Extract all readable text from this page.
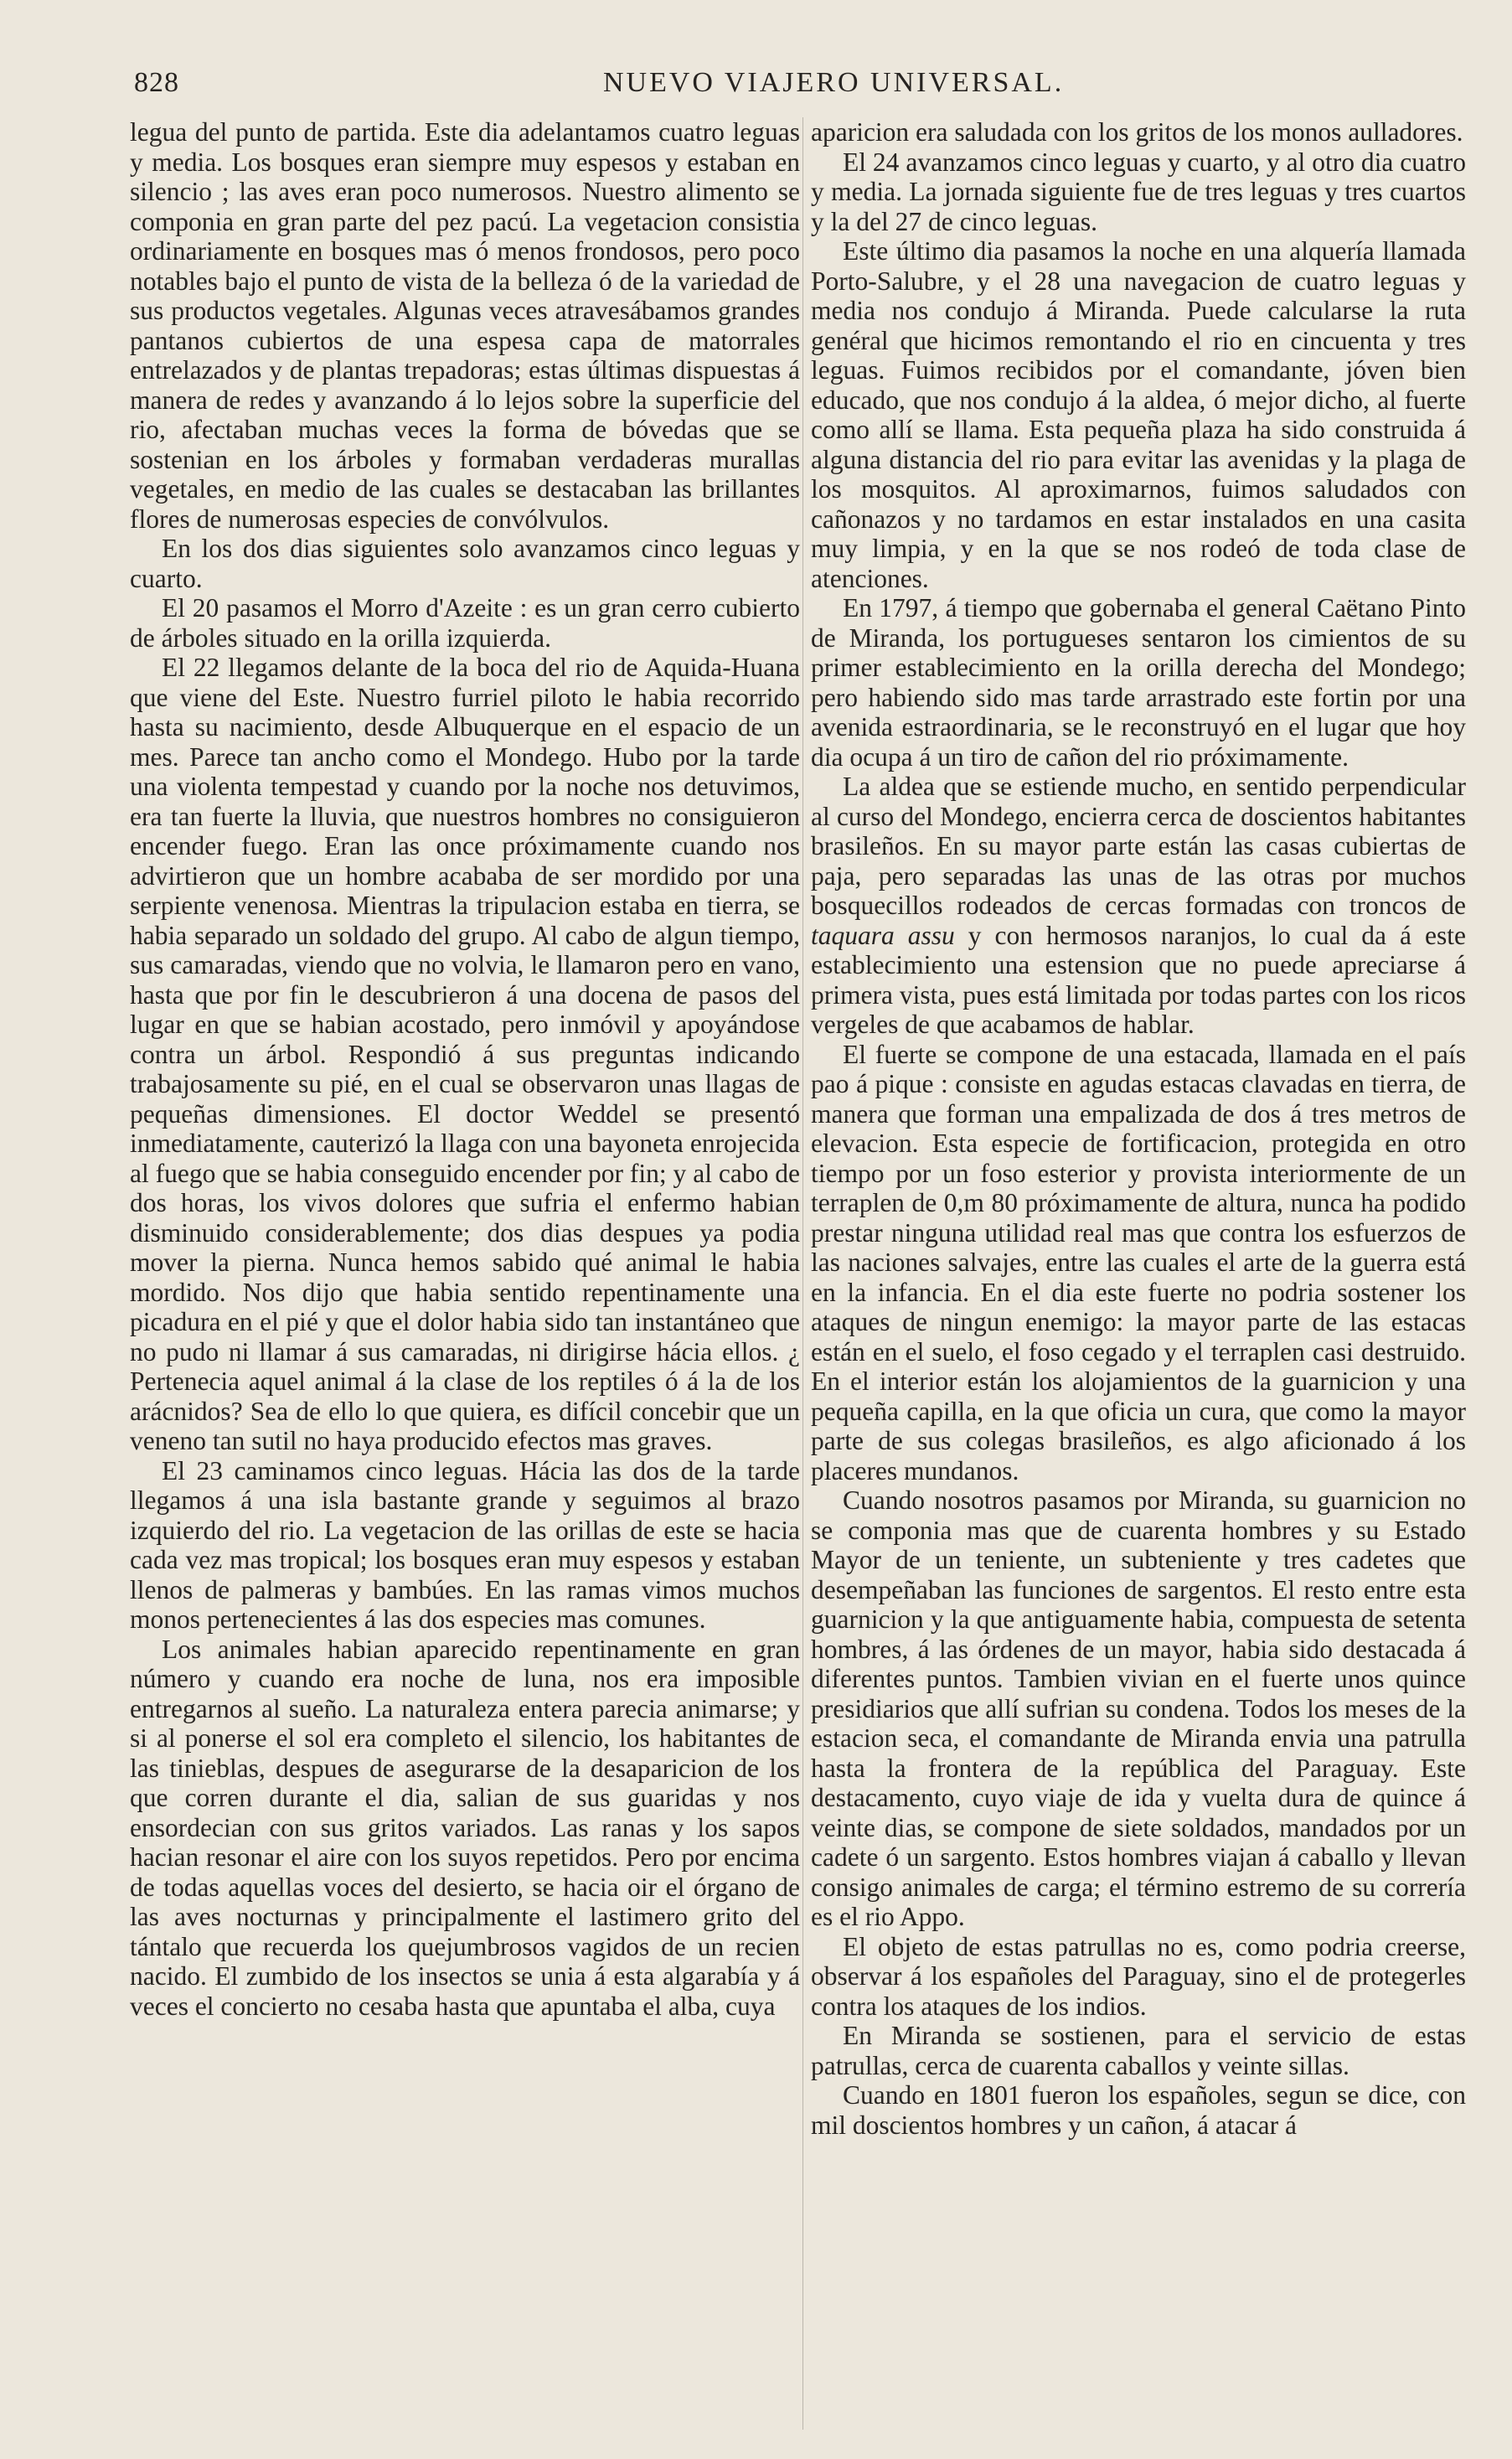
828	NUEVO VIAJERO UNIVERSAL.

legua del punto de partida. Este dia adelantamos cuatro leguas y media. Los bosques eran siempre muy espesos y estaban en silencio ; las aves eran poco numerosos. Nuestro alimento se componia en gran parte del pez pacú. La vegetacion consistia ordinariamente en bosques mas ó menos frondosos, pero poco notables bajo el punto de vista de la belleza ó de la variedad de sus productos vegetales. Algunas veces atravesábamos grandes pantanos cubiertos de una espesa capa de matorrales entrelazados y de plantas trepadoras; estas últimas dispuestas á manera de redes y avanzando á lo lejos sobre la superficie del rio, afectaban muchas veces la forma de bóvedas que se sostenian en los árboles y formaban verdaderas murallas vegetales, en medio de las cuales se destacaban las brillantes flores de numerosas especies de convólvulos.

En los dos dias siguientes solo avanzamos cinco leguas y cuarto.

El 20 pasamos el Morro d'Azeite : es un gran cerro cubierto de árboles situado en la orilla izquierda.

El 22 llegamos delante de la boca del rio de Aquida-Huana que viene del Este. Nuestro furriel piloto le habia recorrido hasta su nacimiento, desde Albuquerque en el espacio de un mes. Parece tan ancho como el Mondego. Hubo por la tarde una violenta tempestad y cuando por la noche nos detuvimos, era tan fuerte la lluvia, que nuestros hombres no consiguieron encender fuego. Eran las once próximamente cuando nos advirtieron que un hombre acababa de ser mordido por una serpiente venenosa. Mientras la tripulacion estaba en tierra, se habia separado un soldado del grupo. Al cabo de algun tiempo, sus camaradas, viendo que no volvia, le llamaron pero en vano, hasta que por fin le descubrieron á una docena de pasos del lugar en que se habian acostado, pero inmóvil y apoyándose contra un árbol. Respondió á sus preguntas indicando trabajosamente su pié, en el cual se observaron unas llagas de pequeñas dimensiones. El doctor Weddel se presentó inmediatamente, cauterizó la llaga con una bayoneta enrojecida al fuego que se habia conseguido encender por fin; y al cabo de dos horas, los vivos dolores que sufria el enfermo habian disminuido considerablemente; dos dias despues ya podia mover la pierna. Nunca hemos sabido qué animal le habia mordido. Nos dijo que habia sentido repentinamente una picadura en el pié y que el dolor habia sido tan instantáneo que no pudo ni llamar á sus camaradas, ni dirigirse hácia ellos. ¿ Pertenecia aquel animal á la clase de los reptiles ó á la de los arácnidos? Sea de ello lo que quiera, es difícil concebir que un veneno tan sutil no haya producido efectos mas graves.

El 23 caminamos cinco leguas. Hácia las dos de la tarde llegamos á una isla bastante grande y seguimos al brazo izquierdo del rio. La vegetacion de las orillas de este se hacia cada vez mas tropical; los bosques eran muy espesos y estaban llenos de palmeras y bambúes. En las ramas vimos muchos monos pertenecientes á las dos especies mas comunes.

Los animales habian aparecido repentinamente en gran número y cuando era noche de luna, nos era imposible entregarnos al sueño. La naturaleza entera parecia animarse; y si al ponerse el sol era completo el silencio, los habitantes de las tinieblas, despues de asegurarse de la desaparicion de los que corren durante el dia, salian de sus guaridas y nos ensordecian con sus gritos variados. Las ranas y los sapos hacian resonar el aire con los suyos repetidos. Pero por encima de todas aquellas voces del desierto, se hacia oir el órgano de las aves nocturnas y principalmente el lastimero grito del tántalo que recuerda los quejumbrosos vagidos de un recien nacido. El zumbido de los insectos se unia á esta algarabía y á veces el concierto no cesaba hasta que apuntaba el alba, cuya

aparicion era saludada con los gritos de los monos aulladores.

El 24 avanzamos cinco leguas y cuarto, y al otro dia cuatro y media. La jornada siguiente fue de tres leguas y tres cuartos y la del 27 de cinco leguas.

Este último dia pasamos la noche en una alquería llamada Porto-Salubre, y el 28 una navegacion de cuatro leguas y media nos condujo á Miranda. Puede calcularse la ruta genéral que hicimos remontando el rio en cincuenta y tres leguas. Fuimos recibidos por el comandante, jóven bien educado, que nos condujo á la aldea, ó mejor dicho, al fuerte como allí se llama. Esta pequeña plaza ha sido construida á alguna distancia del rio para evitar las avenidas y la plaga de los mosquitos. Al aproximarnos, fuimos saludados con cañonazos y no tardamos en estar instalados en una casita muy limpia, y en la que se nos rodeó de toda clase de atenciones.

En 1797, á tiempo que gobernaba el general Caëtano Pinto de Miranda, los portugueses sentaron los cimientos de su primer establecimiento en la orilla derecha del Mondego; pero habiendo sido mas tarde arrastrado este fortin por una avenida estraordinaria, se le reconstruyó en el lugar que hoy dia ocupa á un tiro de cañon del rio próximamente.

La aldea que se estiende mucho, en sentido perpendicular al curso del Mondego, encierra cerca de doscientos habitantes brasileños. En su mayor parte están las casas cubiertas de paja, pero separadas las unas de las otras por muchos bosquecillos rodeados de cercas formadas con troncos de taquara assu y con hermosos naranjos, lo cual da á este establecimiento una estension que no puede apreciarse á primera vista, pues está limitada por todas partes con los ricos vergeles de que acabamos de hablar.

El fuerte se compone de una estacada, llamada en el país pao á pique : consiste en agudas estacas clavadas en tierra, de manera que forman una empalizada de dos á tres metros de elevacion. Esta especie de fortificacion, protegida en otro tiempo por un foso esterior y provista interiormente de un terraplen de 0,m 80 próximamente de altura, nunca ha podido prestar ninguna utilidad real mas que contra los esfuerzos de las naciones salvajes, entre las cuales el arte de la guerra está en la infancia. En el dia este fuerte no podria sostener los ataques de ningun enemigo: la mayor parte de las estacas están en el suelo, el foso cegado y el terraplen casi destruido. En el interior están los alojamientos de la guarnicion y una pequeña capilla, en la que oficia un cura, que como la mayor parte de sus colegas brasileños, es algo aficionado á los placeres mundanos.

Cuando nosotros pasamos por Miranda, su guarnicion no se componia mas que de cuarenta hombres y su Estado Mayor de un teniente, un subteniente y tres cadetes que desempeñaban las funciones de sargentos. El resto entre esta guarnicion y la que antiguamente habia, compuesta de setenta hombres, á las órdenes de un mayor, habia sido destacada á diferentes puntos. Tambien vivian en el fuerte unos quince presidiarios que allí sufrian su condena. Todos los meses de la estacion seca, el comandante de Miranda envia una patrulla hasta la frontera de la república del Paraguay. Este destacamento, cuyo viaje de ida y vuelta dura de quince á veinte dias, se compone de siete soldados, mandados por un cadete ó un sargento. Estos hombres viajan á caballo y llevan consigo animales de carga; el término estremo de su correría es el rio Appo.

El objeto de estas patrullas no es, como podria creerse, observar á los españoles del Paraguay, sino el de protegerles contra los ataques de los indios.

En Miranda se sostienen, para el servicio de estas patrullas, cerca de cuarenta caballos y veinte sillas.

Cuando en 1801 fueron los españoles, segun se dice, con mil doscientos hombres y un cañon, á atacar á
